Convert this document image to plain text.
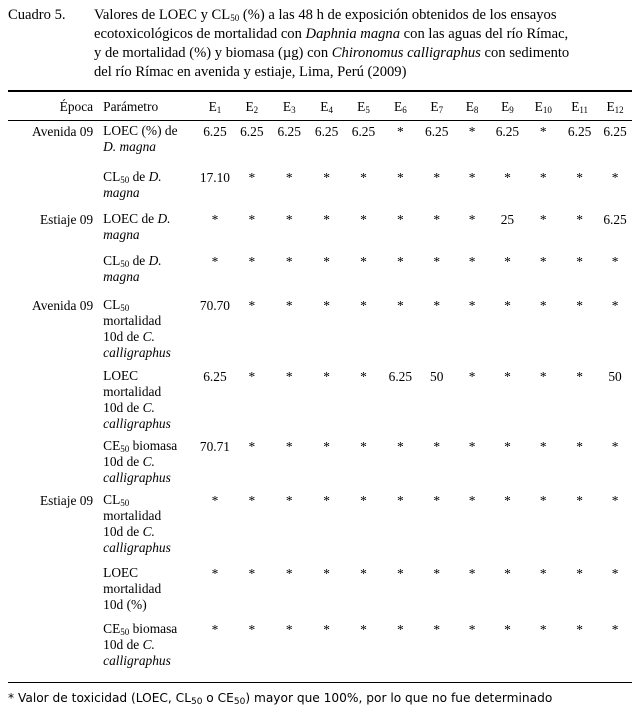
Cuadro 5. Valores de LOEC y $CL_{50}$ (%) a las 48 h de exposición obtenidos de los ensayos
ecotoxicológicos de mortalidad con Daphnia magna con las aguas del río Rímac,
y de mortalidad (%) y biomasa (µg) con Chironomus calligraphus con sedimento
del río Rímac en avenida y estiaje, Lima, Perú (2009)
Época	Parámetro	$E_1$	$E_2$	$E_3$	$E_4$	$E_5$	$E_6$	$E_7$	$E_8$	$E_9$	$E_{10}$	$E_{11}$	$E_{12}$
Avenida 09	LOEC (%) de
D. magna	6.25	6.25	6.25	6.25	6.25	*	6.25	*	6.25	*	6.25	6.25

	$CL_{50}$ de D.
magna	17.10	*	*	*	*	*	*	*	*	*	*	*
Estiaje 09	LOEC de D.
magna	*	*	*	*	*	*	*	*	25	*	*	6.25

	$CL_{50}$ de D.
magna	*	*	*	*	*	*	*	*	*	*	*	*
Avenida 09	$CL_{50}$
mortalidad
10d de C.
calligraphus	70.70	*	*	*	*	*	*	*	*	*	*	*

	LOEC
mortalidad
10d de C.
calligraphus	6.25	*	*	*	*	6.25	50	*	*	*	*	50

	$CE_{50}$ biomasa
10d de C.
calligraphus	70.71	*	*	*	*	*	*	*	*	*	*	*
Estiaje 09	$CL_{50}$
mortalidad
10d de C.
calligraphus	*	*	*	*	*	*	*	*	*	*	*	*

	LOEC
mortalidad
10d (%)	*	*	*	*	*	*	*	*	*	*	*	*

	$CE_{50}$ biomasa
10d de C.
calligraphus	*	*	*	*	*	*	*	*	*	*	*	*
* Valor de toxicidad (LOEC, $CL_{50}$ o $CE_{50}$) mayor que 100%, por lo que no fue determinado
